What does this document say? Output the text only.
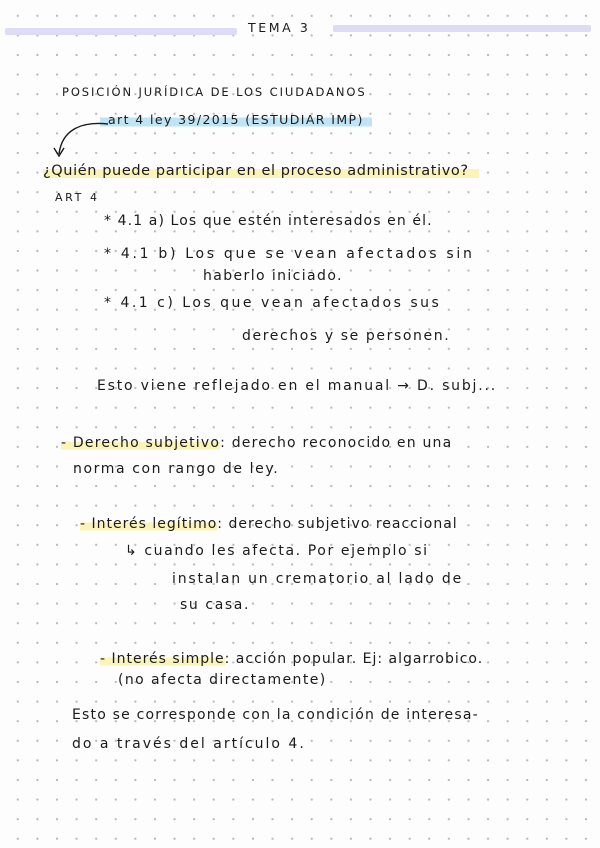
TEMA 3
POSICIÓN JURÍDICA DE LOS CIUDADANOS
art 4 ley 39/2015 (ESTUDIAR IMP)
¿Quién puede participar en el proceso administrativo?
ART 4
* 4.1 a) Los que estén interesados en él.
* 4.1 b) Los que se vean afectados sin
haberlo iniciado.
* 4.1 c) Los que vean afectados sus
derechos y se personen.
Esto viene reflejado en el manual → D. subj...
- Derecho subjetivo: derecho reconocido en una
norma con rango de ley.
- Interés legítimo: derecho subjetivo reaccional
↳ cuando les afecta. Por ejemplo si
instalan un crematorio al lado de
su casa.
- Interés simple: acción popular. Ej: algarrobico.
(no afecta directamente)
Esto se corresponde con la condición de interesa-
do a través del artículo 4.
